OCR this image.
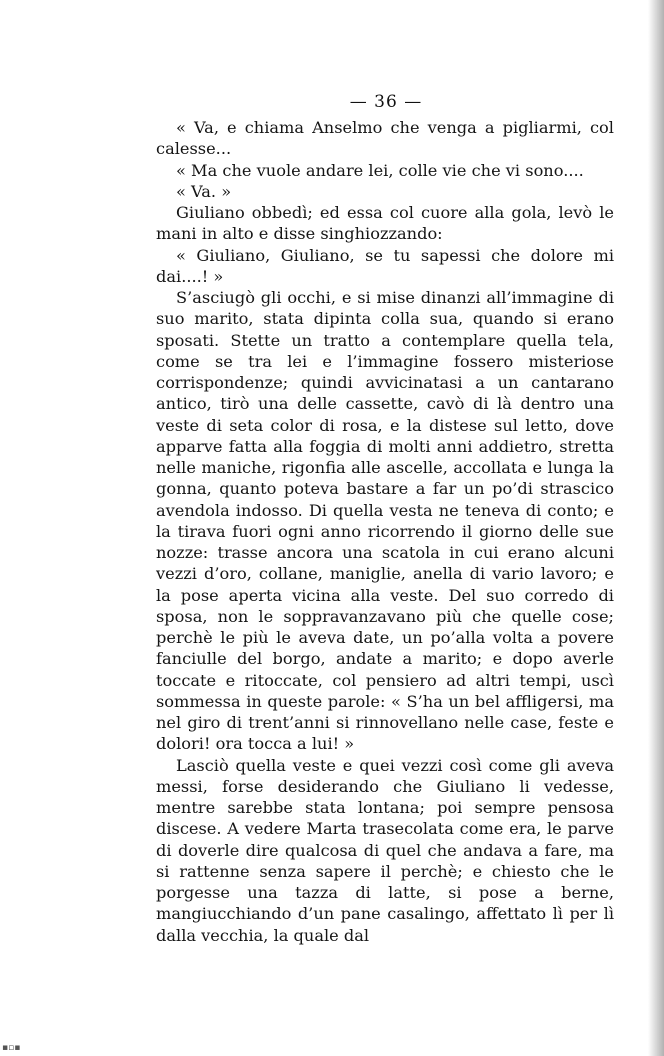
— 36 —

« Va, e chiama Anselmo che venga a pigliarmi, col calesse...

« Ma che vuole andare lei, colle vie che vi sono....

« Va. »

Giuliano obbedì; ed essa col cuore alla gola, levò le mani in alto e disse singhiozzando:

« Giuliano, Giuliano, se tu sapessi che dolore mi dai....! »

S’asciugò gli occhi, e si mise dinanzi all’immagine di suo marito, stata dipinta colla sua, quando si erano sposati. Stette un tratto a contemplare quella tela, come se tra lei e l’immagine fossero misteriose corrispondenze; quindi avvicinatasi a un cantarano antico, tirò una delle cassette, cavò di là dentro una veste di seta color di rosa, e la distese sul letto, dove apparve fatta alla foggia di molti anni addietro, stretta nelle maniche, rigonfia alle ascelle, accollata e lunga la gonna, quanto poteva bastare a far un po’di strascico avendola indosso. Di quella vesta ne teneva di conto; e la tirava fuori ogni anno ricorrendo il giorno delle sue nozze: trasse ancora una scatola in cui erano alcuni vezzi d’oro, collane, maniglie, anella di vario lavoro; e la pose aperta vicina alla veste. Del suo corredo di sposa, non le soppravanzavano più che quelle cose; perchè le più le aveva date, un po’alla volta a povere fanciulle del borgo, andate a marito; e dopo averle toccate e ritoccate, col pensiero ad altri tempi, uscì sommessa in queste parole: « S’ha un bel affligersi, ma nel giro di trent’anni si rinnovellano nelle case, feste e dolori! ora tocca a lui! »

Lasciò quella veste e quei vezzi così come gli aveva messi, forse desiderando che Giuliano li vedesse, mentre sarebbe stata lontana; poi sempre pensosa discese. A vedere Marta trasecolata come era, le parve di doverle dire qualcosa di quel che andava a fare, ma si rattenne senza sapere il perchè; e chiesto che le porgesse una tazza di latte, si pose a berne, mangiucchiando d’un pane casalingo, affettato lì per lì dalla vecchia, la quale dal

▪▫▪
